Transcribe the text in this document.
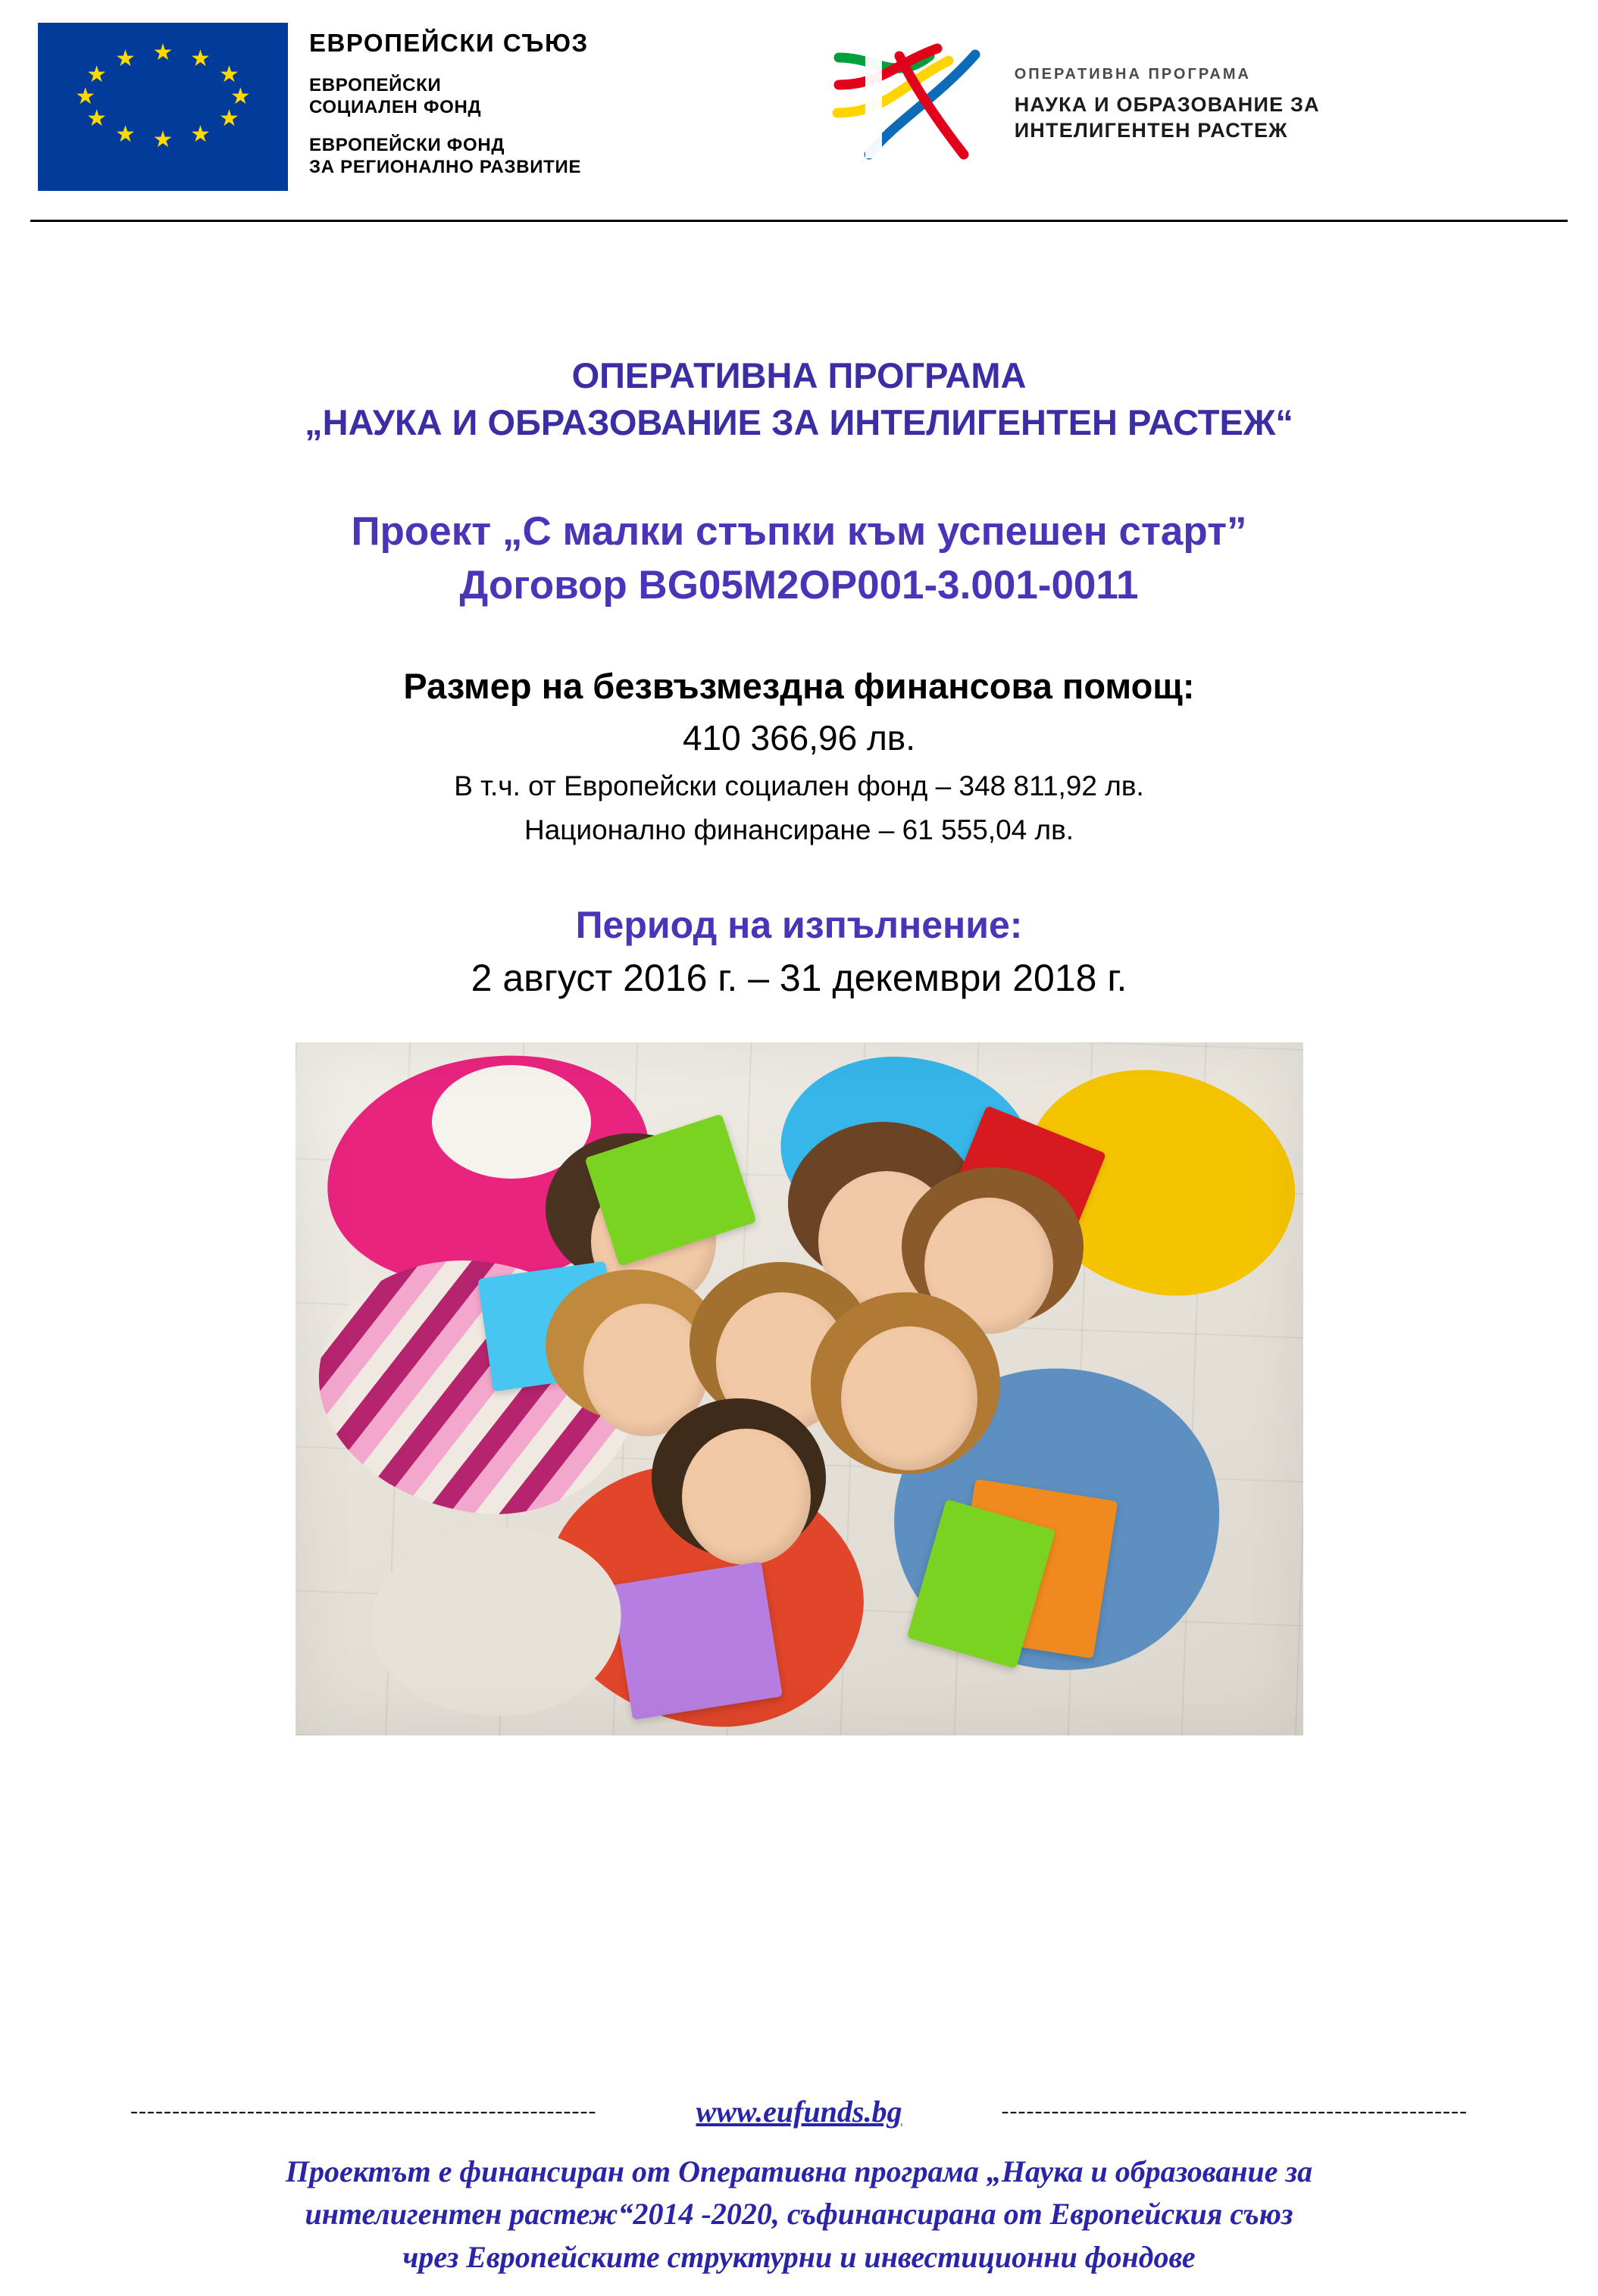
★ ★
★
★
★
★
★
★
★
★
★
★
ЕВРОПЕЙСКИ СЪЮЗ
ЕВРОПЕЙСКИ
СОЦИАЛЕН ФОНД
ЕВРОПЕЙСКИ ФОНД
ЗА РЕГИОНАЛНО РАЗВИТИЕ
ОПЕРАТИВНА ПРОГРАМА
НАУКА И ОБРАЗОВАНИЕ ЗА
ИНТЕЛИГЕНТЕН РАСТЕЖ
ОПЕРАТИВНА ПРОГРАМА
„НАУКА И ОБРАЗОВАНИЕ ЗА ИНТЕЛИГЕНТЕН РАСТЕЖ“
Проект „С малки стъпки към успешен старт”
Договор BG05M2OP001-3.001-0011
Размер на безвъзмездна финансова помощ:
410 366,96 лв.
В т.ч. от Европейски социален фонд – 348 811,92 лв.
Национално финансиране – 61 555,04 лв.
Период на изпълнение:
2 август 2016 г. – 31 декември 2018 г.
--------------------------------------------------------	www.eufunds.bg	--------------------------------------------------------
Проектът е финансиран от Оперативна програма „Наука и образование за
интелигентен растеж“2014 -2020, съфинансирана от Европейския съюз
чрез Европейските структурни и инвестиционни фондове
